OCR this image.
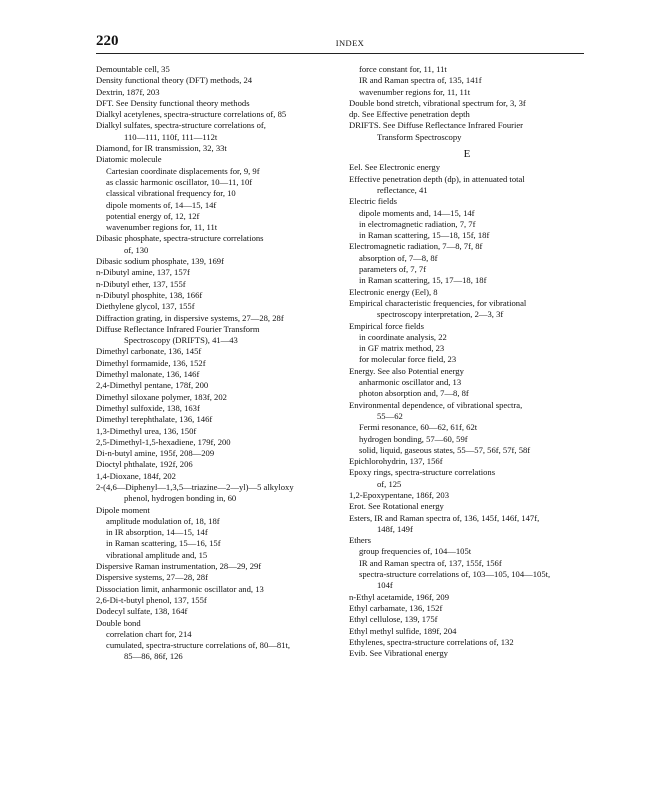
220	INDEX
Demountable cell, 35
Density functional theory (DFT) methods, 24
Dextrin, 187f, 203
DFT. See Density functional theory methods
Dialkyl acetylenes, spectra-structure correlations of, 85
Dialkyl sulfates, spectra-structure correlations of,
110—111, 110f, 111—112t
Diamond, for IR transmission, 32, 33t
Diatomic molecule
Cartesian coordinate displacements for, 9, 9f
as classic harmonic oscillator, 10—11, 10f
classical vibrational frequency for, 10
dipole moments of, 14—15, 14f
potential energy of, 12, 12f
wavenumber regions for, 11, 11t
Dibasic phosphate, spectra-structure correlations
of, 130
Dibasic sodium phosphate, 139, 169f
n-Dibutyl amine, 137, 157f
n-Dibutyl ether, 137, 155f
n-Dibutyl phosphite, 138, 166f
Diethylene glycol, 137, 155f
Diffraction grating, in dispersive systems, 27—28, 28f
Diffuse Reflectance Infrared Fourier Transform
Spectroscopy (DRIFTS), 41—43
Dimethyl carbonate, 136, 145f
Dimethyl formamide, 136, 152f
Dimethyl malonate, 136, 146f
2,4-Dimethyl pentane, 178f, 200
Dimethyl siloxane polymer, 183f, 202
Dimethyl sulfoxide, 138, 163f
Dimethyl terephthalate, 136, 146f
1,3-Dimethyl urea, 136, 150f
2,5-Dimethyl-1,5-hexadiene, 179f, 200
Di-n-butyl amine, 195f, 208—209
Dioctyl phthalate, 192f, 206
1,4-Dioxane, 184f, 202
2-(4,6—Diphenyl—1,3,5—triazine—2—yl)—5 alkyloxy
phenol, hydrogen bonding in, 60
Dipole moment
amplitude modulation of, 18, 18f
in IR absorption, 14—15, 14f
in Raman scattering, 15—16, 15f
vibrational amplitude and, 15
Dispersive Raman instrumentation, 28—29, 29f
Dispersive systems, 27—28, 28f
Dissociation limit, anharmonic oscillator and, 13
2,6-Di-t-butyl phenol, 137, 155f
Dodecyl sulfate, 138, 164f
Double bond
correlation chart for, 214
cumulated, spectra-structure correlations of, 80—81t,
85—86, 86f, 126
force constant for, 11, 11t
IR and Raman spectra of, 135, 141f
wavenumber regions for, 11, 11t
Double bond stretch, vibrational spectrum for, 3, 3f
dp. See Effective penetration depth
DRIFTS. See Diffuse Reflectance Infrared Fourier
Transform Spectroscopy
E
Eel. See Electronic energy
Effective penetration depth (dp), in attenuated total
reflectance, 41
Electric fields
dipole moments and, 14—15, 14f
in electromagnetic radiation, 7, 7f
in Raman scattering, 15—18, 15f, 18f
Electromagnetic radiation, 7—8, 7f, 8f
absorption of, 7—8, 8f
parameters of, 7, 7f
in Raman scattering, 15, 17—18, 18f
Electronic energy (Eel), 8
Empirical characteristic frequencies, for vibrational
spectroscopy interpretation, 2—3, 3f
Empirical force fields
in coordinate analysis, 22
in GF matrix method, 23
for molecular force field, 23
Energy. See also Potential energy
anharmonic oscillator and, 13
photon absorption and, 7—8, 8f
Environmental dependence, of vibrational spectra,
55—62
Fermi resonance, 60—62, 61f, 62t
hydrogen bonding, 57—60, 59f
solid, liquid, gaseous states, 55—57, 56f, 57f, 58f
Epichlorohydrin, 137, 156f
Epoxy rings, spectra-structure correlations
of, 125
1,2-Epoxypentane, 186f, 203
Erot. See Rotational energy
Esters, IR and Raman spectra of, 136, 145f, 146f, 147f,
148f, 149f
Ethers
group frequencies of, 104—105t
IR and Raman spectra of, 137, 155f, 156f
spectra-structure correlations of, 103—105, 104—105t,
104f
n-Ethyl acetamide, 196f, 209
Ethyl carbamate, 136, 152f
Ethyl cellulose, 139, 175f
Ethyl methyl sulfide, 189f, 204
Ethylenes, spectra-structure correlations of, 132
Evib. See Vibrational energy
